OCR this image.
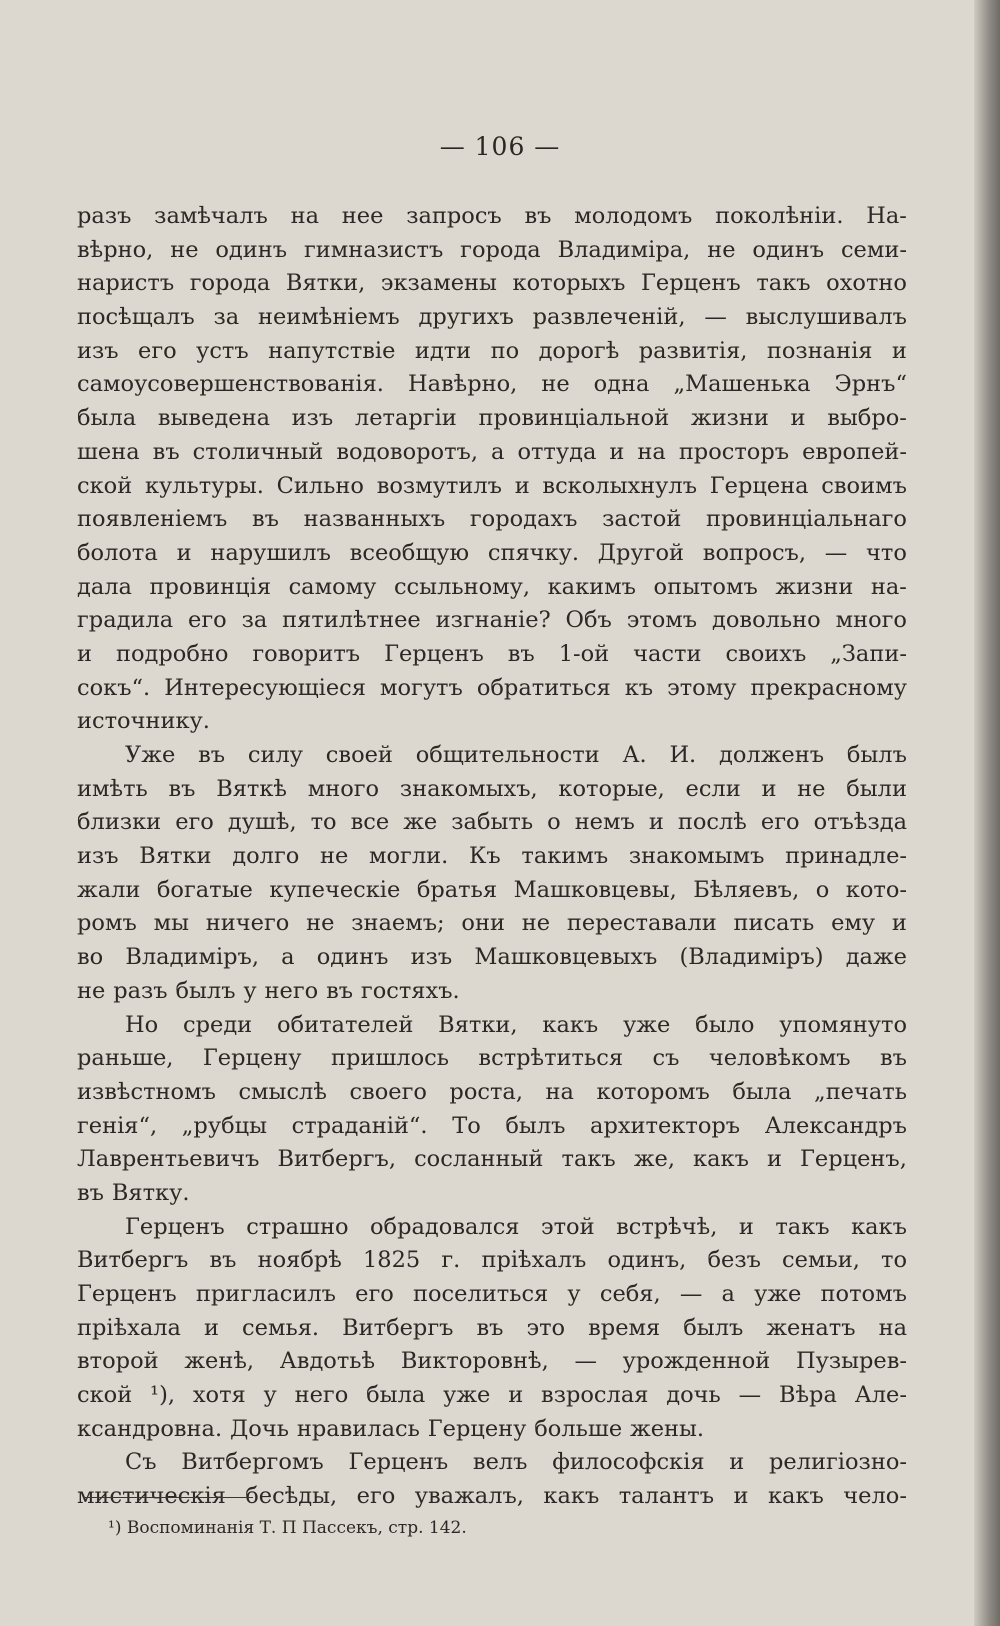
— 106 —
разъ замѣчалъ на нее запросъ въ молодомъ поколѣніи. На-
вѣрно, не одинъ гимназистъ города Владиміра, не одинъ семи-
наристъ города Вятки, экзамены которыхъ Герценъ такъ охотно
посѣщалъ за неимѣніемъ другихъ развлеченій, — выслушивалъ
изъ его устъ напутствіе идти по дорогѣ развитія, познанія и
самоусовершенствованія. Навѣрно, не одна „Машенька Эрнъ“
была выведена изъ летаргіи провинціальной жизни и выбро-
шена въ столичный водоворотъ, а оттуда и на просторъ европей-
ской культуры. Сильно возмутилъ и всколыхнулъ Герцена своимъ
появленіемъ въ названныхъ городахъ застой провинціальнаго
болота и нарушилъ всеобщую спячку. Другой вопросъ, — что
дала провинція самому ссыльному, какимъ опытомъ жизни на-
градила его за пятилѣтнее изгнаніе? Объ этомъ довольно много
и подробно говоритъ Герценъ въ 1-ой части своихъ „Запи-
сокъ“. Интересующіеся могутъ обратиться къ этому прекрасному
источнику.
Уже въ силу своей общительности А. И. долженъ былъ
имѣть въ Вяткѣ много знакомыхъ, которые, если и не были
близки его душѣ, то все же забыть о немъ и послѣ его отъѣзда
изъ Вятки долго не могли. Къ такимъ знакомымъ принадле-
жали богатые купеческіе братья Машковцевы, Бѣляевъ, о кото-
ромъ мы ничего не знаемъ; они не переставали писать ему и
во Владиміръ, а одинъ изъ Машковцевыхъ (Владиміръ) даже
не разъ былъ у него въ гостяхъ.
Но среди обитателей Вятки, какъ уже было упомянуто
раньше, Герцену пришлось встрѣтиться съ человѣкомъ въ
извѣстномъ смыслѣ своего роста, на которомъ была „печать
генія“, „рубцы страданій“. То былъ архитекторъ Александръ
Лаврентьевичъ Витбергъ, сосланный такъ же, какъ и Герценъ,
въ Вятку.
Герценъ страшно обрадовался этой встрѣчѣ, и такъ какъ
Витбергъ въ ноябрѣ 1825 г. пріѣхалъ одинъ, безъ семьи, то
Герценъ пригласилъ его поселиться у себя, — а уже потомъ
пріѣхала и семья. Витбергъ въ это время былъ женатъ на
второй женѣ, Авдотьѣ Викторовнѣ, — урожденной Пузырев-
ской ¹), хотя у него была уже и взрослая дочь — Вѣра Але-
ксандровна. Дочь нравилась Герцену больше жены.
Съ Витбергомъ Герценъ велъ философскія и религіозно-
мистическія бесѣды, его уважалъ, какъ талантъ и какъ чело-
¹) Воспоминанія Т. П Пассекъ, стр. 142.
